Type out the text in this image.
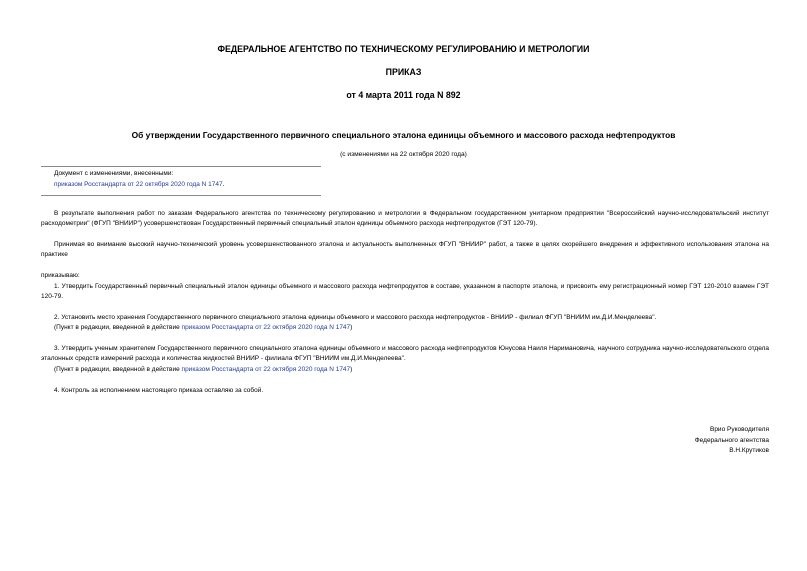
ФЕДЕРАЛЬНОЕ АГЕНТСТВО ПО ТЕХНИЧЕСКОМУ РЕГУЛИРОВАНИЮ И МЕТРОЛОГИИ
ПРИКАЗ
от 4 марта 2011 года N 892
Об утверждении Государственного первичного специального эталона единицы объемного и массового расхода нефтепродуктов
(с изменениями на 22 октября 2020 года)
Документ с изменениями, внесенными:
приказом Росстандарта от 22 октября 2020 года N 1747.
В результате выполнения работ по заказам Федерального агентства по техническому регулированию и метрологии в Федеральном государственном унитарном предприятии "Всероссийский научно-исследовательский институт расходометрии" (ФГУП "ВНИИР") усовершенствован Государственный первичный специальный эталон единицы объемного расхода нефтепродуктов (ГЭТ 120-79).
Принимая во внимание высокий научно-технический уровень усовершенствованного эталона и актуальность выполненных ФГУП "ВНИИР" работ, а также в целях скорейшего внедрения и эффективного использования эталона на практике
приказываю:
1. Утвердить Государственный первичный специальный эталон единицы объемного и массового расхода нефтепродуктов в составе, указанном в паспорте эталона, и присвоить ему регистрационный номер ГЭТ 120-2010 взамен ГЭТ 120-79.
2. Установить место хранения Государственного первичного специального эталона единицы объемного и массового расхода нефтепродуктов - ВНИИР - филиал ФГУП "ВНИИМ им.Д.И.Менделеева".
(Пункт в редакции, введенной в действие приказом Росстандарта от 22 октября 2020 года N 1747)
3. Утвердить ученым хранителем Государственного первичного специального эталона единицы объемного и массового расхода нефтепродуктов Юнусова Наиля Наримановича, научного сотрудника научно-исследовательского отдела эталонных средств измерений расхода и количества жидкостей ВНИИР - филиала ФГУП "ВНИИМ им.Д.И.Менделеева".
(Пункт в редакции, введенной в действие приказом Росстандарта от 22 октября 2020 года N 1747)
4. Контроль за исполнением настоящего приказа оставляю за собой.
Врио Руководителя
Федерального агентства
В.Н.Крутиков
